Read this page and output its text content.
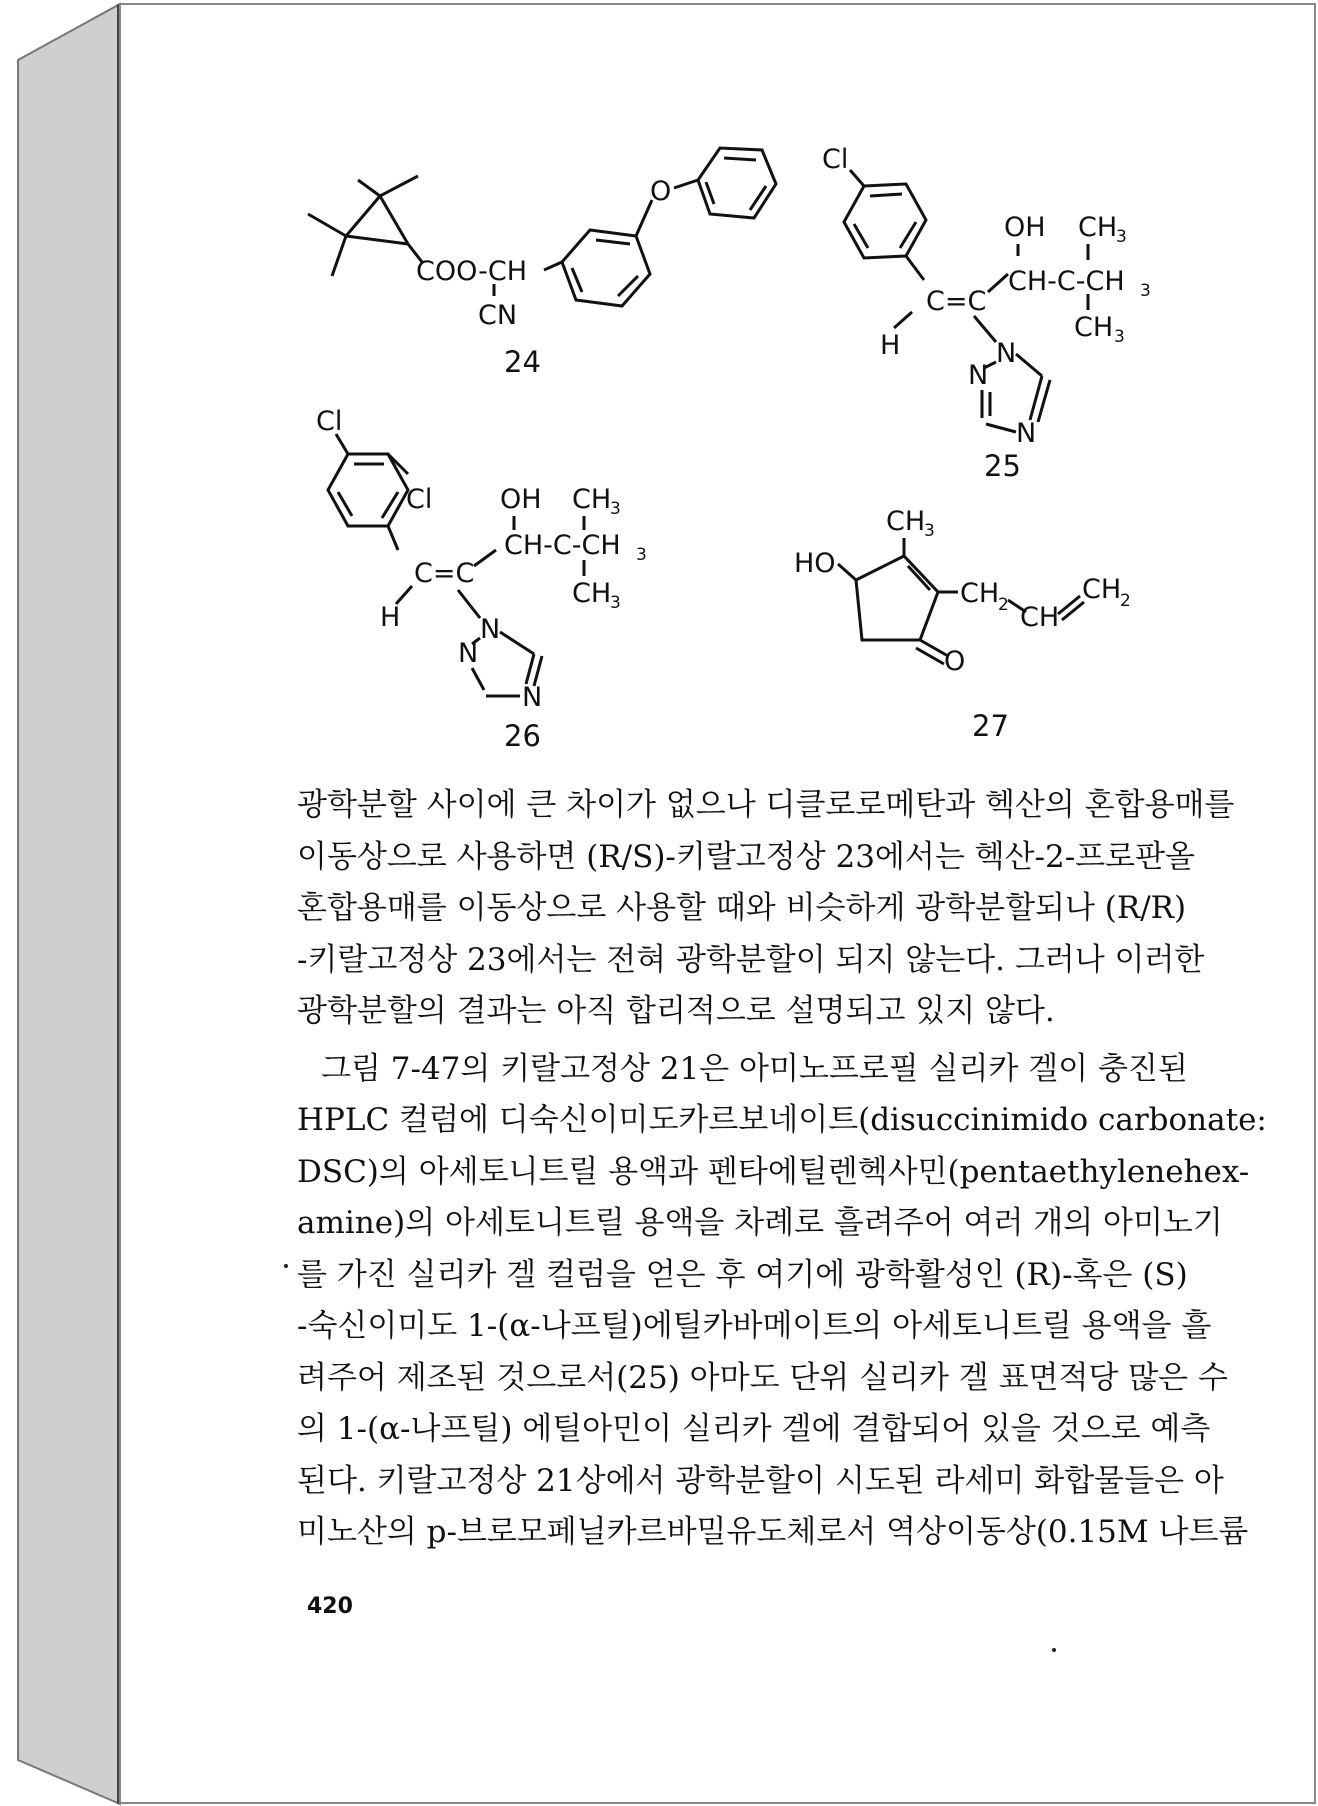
COO-CH
CN
O
24
Cl
C=C
H
OH
CH-C-CH 3
CH
3
CH 3
N
N
N
25
Cl
Cl
C=C
H
OH
CH-C-CH 3
CH
3
CH
3
N
N
N
26
CH
3
HO
O
CH
2 CH
CH
2
27

광학분할 사이에 큰 차이가 없으나 디클로로메탄과 헥산의 혼합용매를

이동상으로 사용하면 (R/S)-키랄고정상 23에서는 헥산-2-프로판올

혼합용매를 이동상으로 사용할 때와 비슷하게 광학분할되나 (R/R)

-키랄고정상 23에서는 전혀 광학분할이 되지 않는다. 그러나 이러한

광학분할의 결과는 아직 합리적으로 설명되고 있지 않다.

그림 7-47의 키랄고정상 21은 아미노프로필 실리카 겔이 충진된

HPLC 컬럼에 디숙신이미도카르보네이트(disuccinimido carbonate:

DSC)의 아세토니트릴 용액과 펜타에틸렌헥사민(pentaethylenehex-

amine)의 아세토니트릴 용액을 차례로 흘려주어 여러 개의 아미노기

를 가진 실리카 겔 컬럼을 얻은 후 여기에 광학활성인 (R)-혹은 (S)

-숙신이미도 1-(α-나프틸)에틸카바메이트의 아세토니트릴 용액을 흘

려주어 제조된 것으로서(25) 아마도 단위 실리카 겔 표면적당 많은 수

의 1-(α-나프틸) 에틸아민이 실리카 겔에 결합되어 있을 것으로 예측

된다. 키랄고정상 21상에서 광학분할이 시도된 라세미 화합물들은 아

미노산의 p-브로모페닐카르바밀유도체로서 역상이동상(0.15M 나트륨

420
